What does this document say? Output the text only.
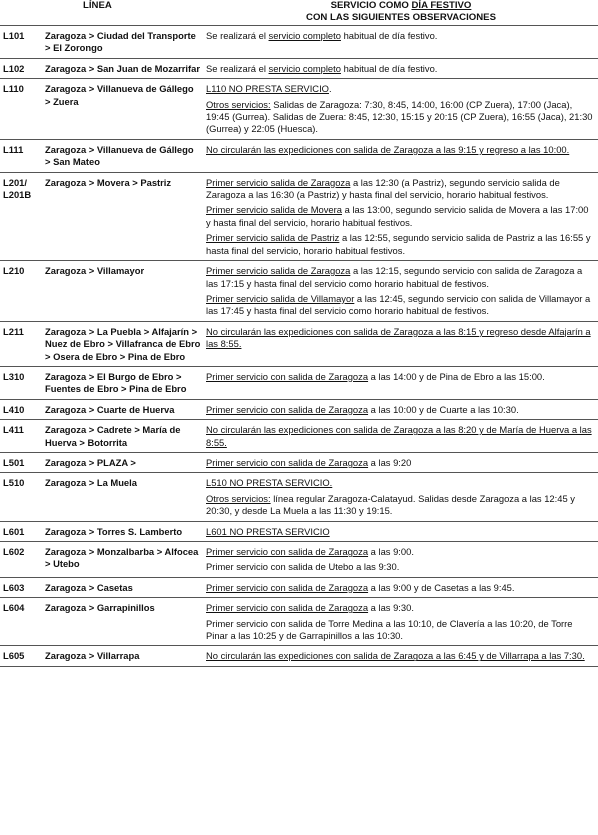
LÍNEA		SERVICIO COMO DÍA FESTIVO
CON LAS SIGUIENTES OBSERVACIONES
L101	Zaragoza > Ciudad del Transporte > El Zorongo	Se realizará el servicio completo habitual de día festivo.

L102	Zaragoza > San Juan de Mozarrifar	Se realizará el servicio completo habitual de día festivo.

L110	Zaragoza > Villanueva de Gállego > Zuera	L110 NO PRESTA SERVICIO.
Otros servicios: Salidas de Zaragoza: 7:30, 8:45, 14:00, 16:00 (CP Zuera), 17:00 (Jaca), 19:45 (Gurrea). Salidas de Zuera: 8:45, 12:30, 15:15 y 20:15 (CP Zuera), 16:55 (Jaca), 21:30 (Gurrea) y 22:05 (Huesca).

L111	Zaragoza > Villanueva de Gállego > San Mateo	No circularán las expediciones con salida de Zaragoza a las 9:15 y regreso a las 10:00.

L201/ L201B	Zaragoza > Movera > Pastriz	Primer servicio salida de Zaragoza a las 12:30 (a Pastriz), segundo servicio salida de Zaragoza a las 16:30 (a Pastriz) y hasta final del servicio, horario habitual festivos.
Primer servicio salida de Movera a las 13:00, segundo servicio salida de Movera a las 17:00 y hasta final del servicio, horario habitual festivos.
Primer servicio salida de Pastriz a las 12:55, segundo servicio salida de Pastriz a las 16:55 y hasta final del servicio, horario habitual festivos.

L210	Zaragoza > Villamayor	Primer servicio salida de Zaragoza a las 12:15, segundo servicio con salida de Zaragoza a las 17:15 y hasta final del servicio como horario habitual de festivos.
Primer servicio salida de Villamayor a las 12:45, segundo servicio con salida de Villamayor a las 17:45 y hasta final del servicio como horario habitual de festivos.

L211	Zaragoza > La Puebla > Alfajarín > Nuez de Ebro > Villafranca de Ebro > Osera de Ebro > Pina de Ebro	No circularán las expediciones con salida de Zaragoza a las 8:15 y regreso desde Alfajarín a las 8:55.

L310	Zaragoza > El Burgo de Ebro > Fuentes de Ebro > Pina de Ebro	Primer servicio con salida de Zaragoza a las 14:00 y de Pina de Ebro a las 15:00.

L410	Zaragoza > Cuarte de Huerva	Primer servicio con salida de Zaragoza a las 10:00 y de Cuarte a las 10:30.

L411	Zaragoza > Cadrete > María de Huerva > Botorrita	No circularán las expediciones con salida de Zaragoza a las 8:20 y de María de Huerva a las 8:55.

L501	Zaragoza > PLAZA >	Primer servicio con salida de Zaragoza a las 9:20

L510	Zaragoza > La Muela	L510 NO PRESTA SERVICIO.
Otros servicios: línea regular Zaragoza-Calatayud. Salidas desde Zaragoza a las 12:45 y 20:30, y desde La Muela a las 11:30 y 19:15.

L601	Zaragoza > Torres S. Lamberto	L601 NO PRESTA SERVICIO

L602	Zaragoza > Monzalbarba > Alfocea > Utebo	Primer servicio con salida de Zaragoza a las 9:00.
Primer servicio con salida de Utebo a las 9:30.

L603	Zaragoza > Casetas	Primer servicio con salida de Zaragoza a las 9:00 y de Casetas a las 9:45.

L604	Zaragoza > Garrapinillos	Primer servicio con salida de Zaragoza a las 9:30.
Primer servicio con salida de Torre Medina a las 10:10, de Clavería a las 10:20, de Torre Pinar a las 10:25 y de Garrapinillos a las 10:30.

L605	Zaragoza > Villarrapa	No circularán las expediciones con salida de Zaragoza a las 6:45 y de Villarrapa a las 7:30.
